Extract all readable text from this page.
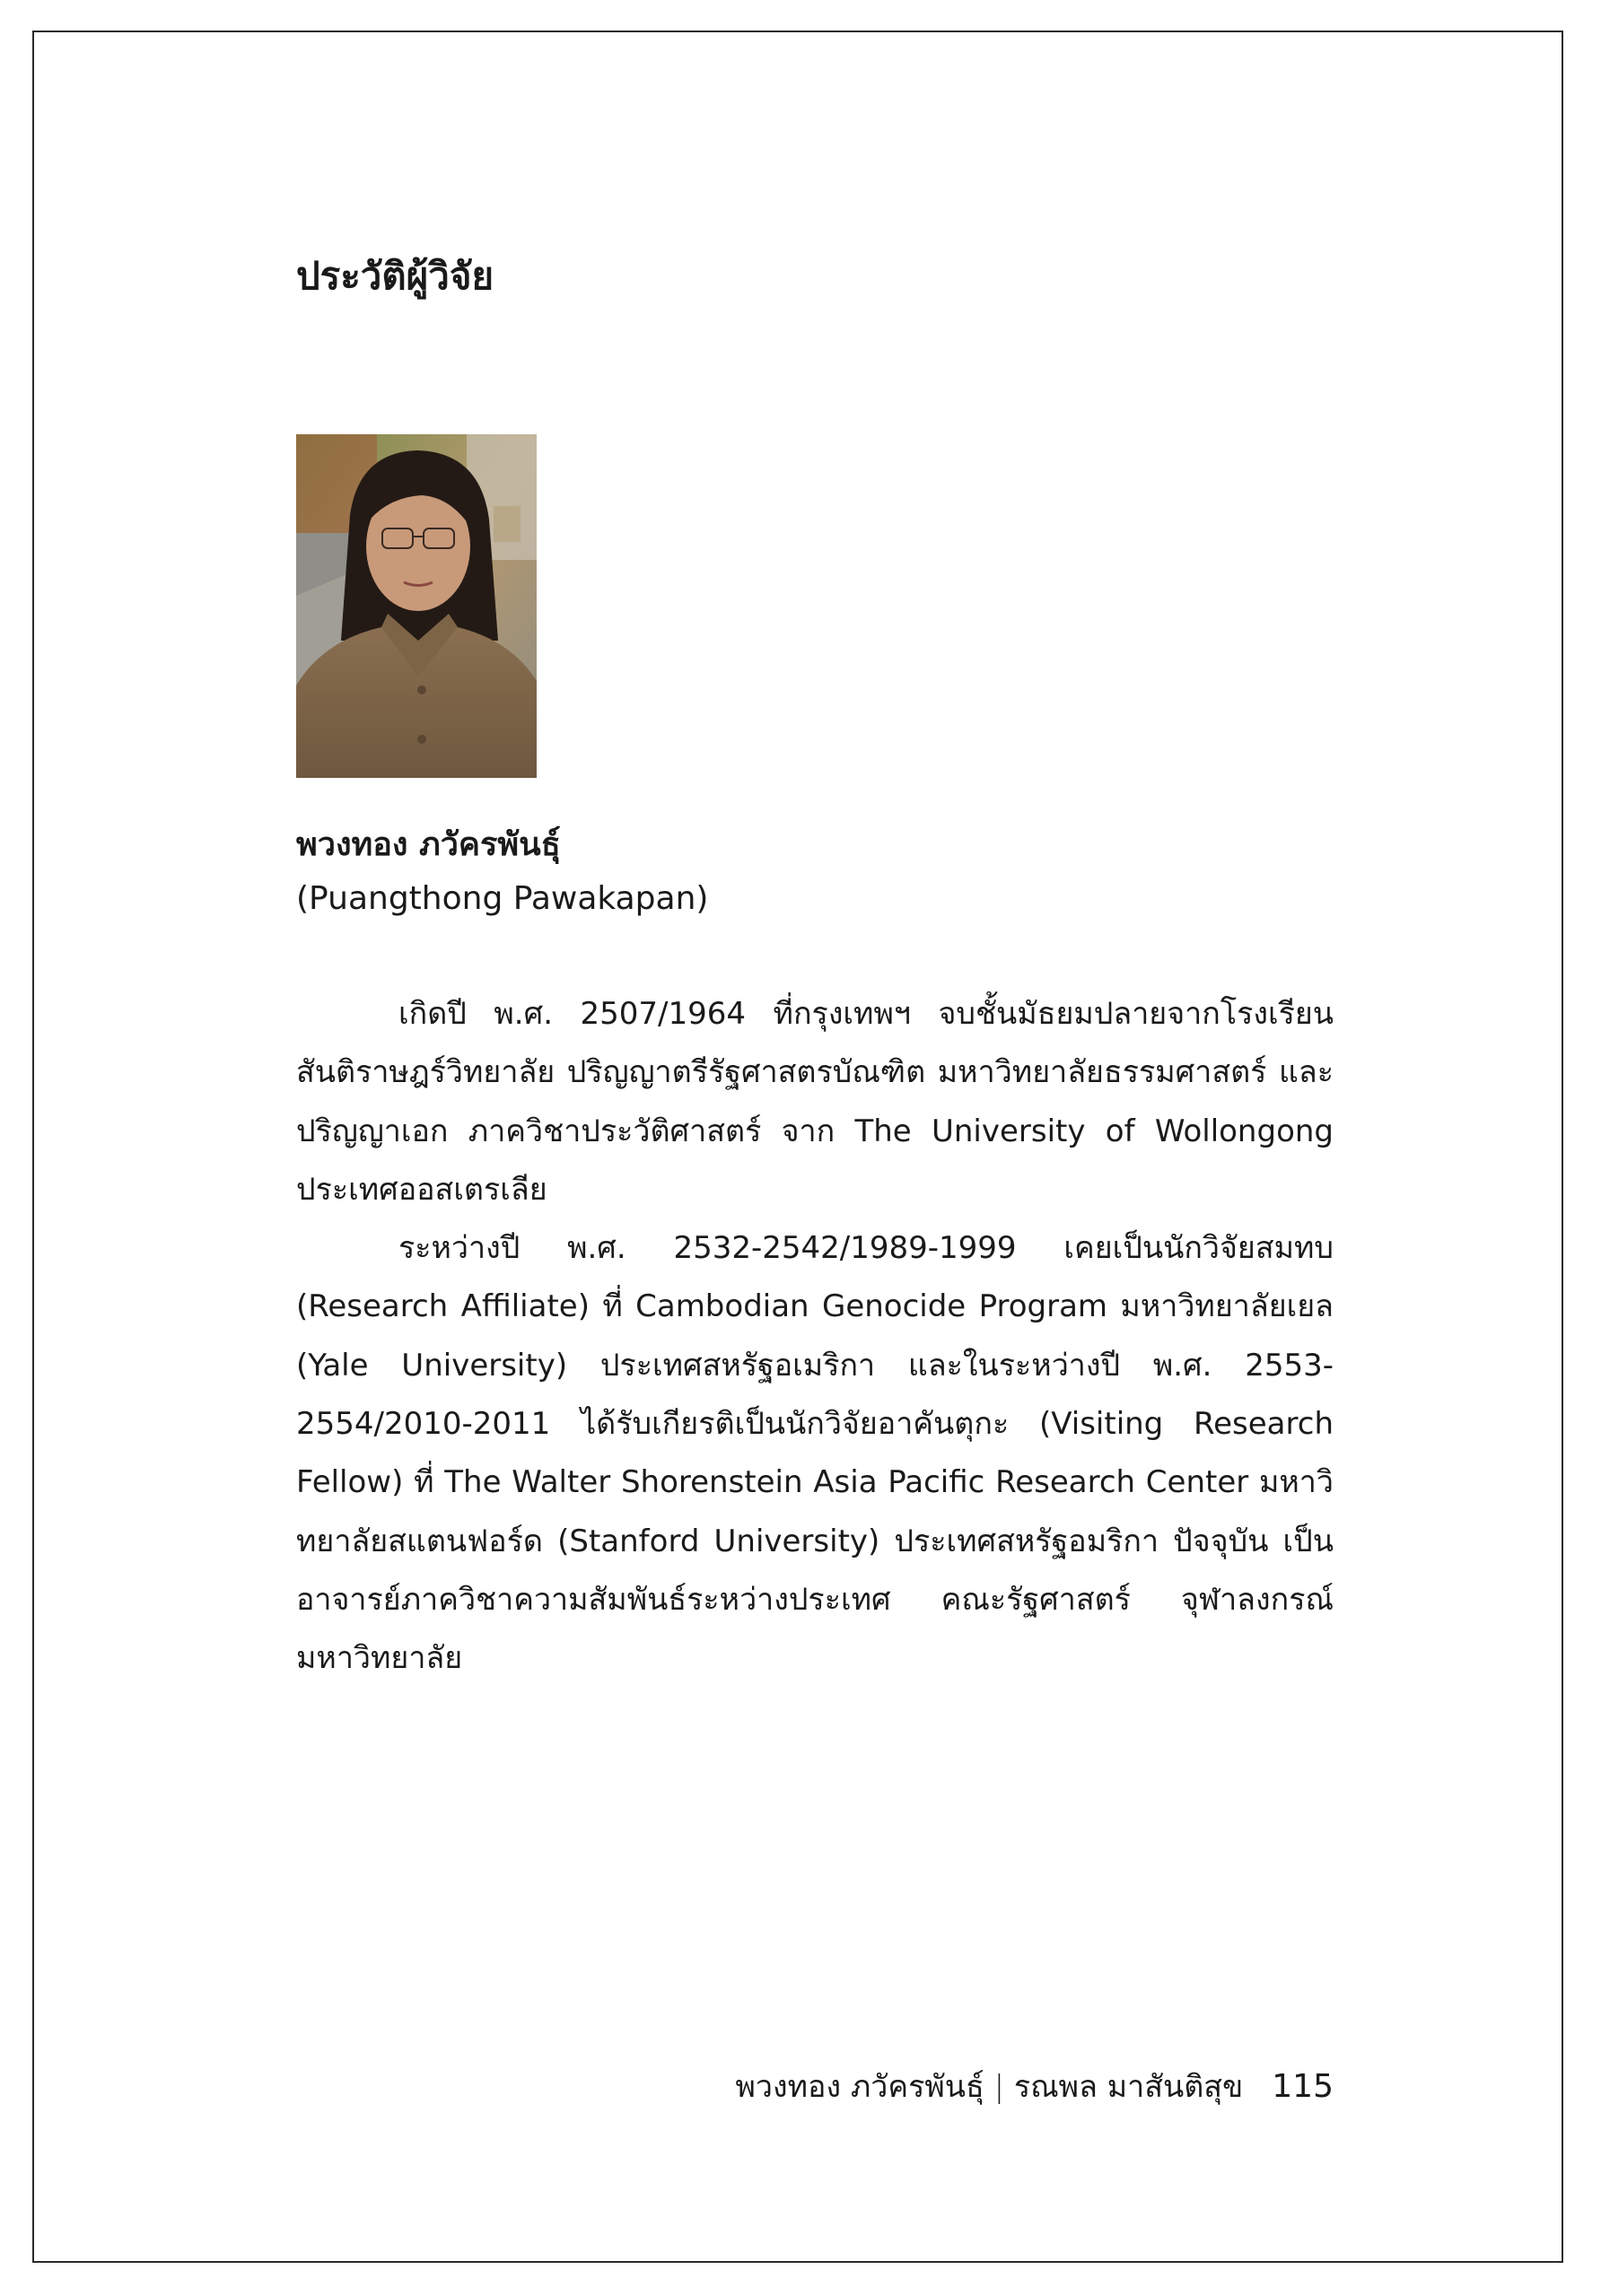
ประวัติผู้วิจัย

พวงทอง ภวัครพันธุ์

(Puangthong Pawakapan)

เกิดปี พ.ศ. 2507/1964 ที่กรุงเทพฯ จบชั้นมัธยมปลายจากโรงเรียนสันติราษฎร์วิทยาลัย ปริญญาตรีรัฐศาสตรบัณฑิต มหาวิทยาลัยธรรมศาสตร์ และปริญญาเอก ภาควิชาประวัติศาสตร์ จาก The University of Wollongong ประเทศออสเตรเลีย

ระหว่างปี พ.ศ. 2532-2542/1989-1999 เคยเป็นนักวิจัยสมทบ (Research Affiliate) ที่ Cambodian Genocide Program มหาวิทยาลัยเยล (Yale University) ประเทศสหรัฐอเมริกา และในระหว่างปี พ.ศ. 2553-2554/2010-2011 ได้รับเกียรติเป็นนักวิจัยอาคันตุกะ (Visiting Research Fellow) ที่ The Walter Shorenstein Asia Pacific Research Center มหาวิทยาลัยสแตนฟอร์ด (Stanford University) ประเทศสหรัฐอมริกา ปัจจุบัน เป็นอาจารย์ภาควิชาความสัมพันธ์ระหว่างประเทศ คณะรัฐศาสตร์ จุฬาลงกรณ์มหาวิทยาลัย

พวงทอง ภวัครพันธุ์ | รณพล มาสันติสุข 115
